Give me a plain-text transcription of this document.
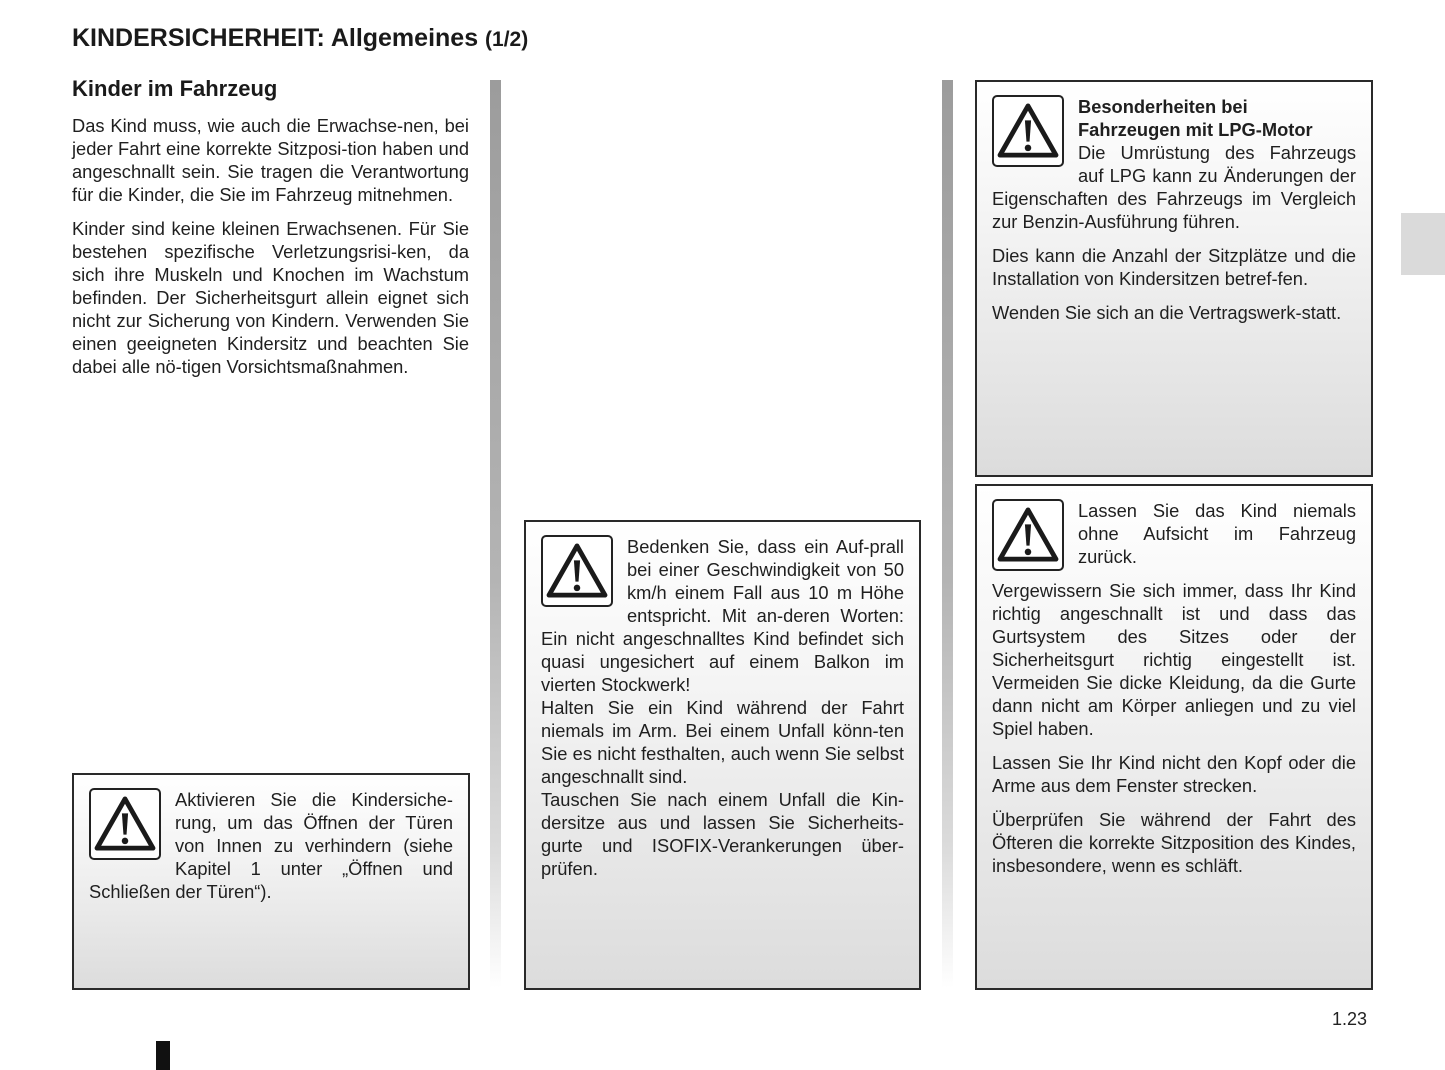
KINDERSICHERHEIT: Allgemeines (1/2)
Kinder im Fahrzeug

Das Kind muss, wie auch die Erwachse-nen, bei jeder Fahrt eine korrekte Sitzposi-tion haben und angeschnallt sein. Sie tragen die Verantwortung für die Kinder, die Sie im Fahrzeug mitnehmen.

Kinder sind keine kleinen Erwachsenen. Für Sie bestehen spezifische Verletzungsrisi-ken, da sich ihre Muskeln und Knochen im Wachstum befinden. Der Sicherheitsgurt allein eignet sich nicht zur Sicherung von Kindern. Verwenden Sie einen geeigneten Kindersitz und beachten Sie dabei alle nö-tigen Vorsichtsmaßnahmen.

Aktivieren Sie die Kindersiche-rung, um das Öffnen der Türen von Innen zu verhindern (siehe Kapitel 1 unter „Öffnen und Schließen der Türen“).

Bedenken Sie, dass ein Auf-prall bei einer Geschwindigkeit von 50 km/h einem Fall aus 10 m Höhe entspricht. Mit an-deren Worten: Ein nicht angeschnalltes Kind befindet sich quasi ungesichert auf einem Balkon im vierten Stockwerk!
Halten Sie ein Kind während der Fahrt niemals im Arm. Bei einem Unfall könn-ten Sie es nicht festhalten, auch wenn Sie selbst angeschnallt sind.
Tauschen Sie nach einem Unfall die Kin-dersitze aus und lassen Sie Sicherheits-gurte und ISOFIX-Verankerungen über-prüfen.

Besonderheiten bei
Fahrzeugen mit LPG-Motor

Die Umrüstung des Fahrzeugs auf LPG kann zu Änderungen der Eigenschaften des Fahrzeugs im Vergleich zur Benzin-Ausführung führen.

Dies kann die Anzahl der Sitzplätze und die Installation von Kindersitzen betref-fen.

Wenden Sie sich an die Vertragswerk-statt.

Lassen Sie das Kind niemals ohne Aufsicht im Fahrzeug zurück.

Vergewissern Sie sich immer, dass Ihr Kind richtig angeschnallt ist und dass das Gurtsystem des Sitzes oder der Sicherheitsgurt richtig eingestellt ist. Vermeiden Sie dicke Kleidung, da die Gurte dann nicht am Körper anliegen und zu viel Spiel haben.

Lassen Sie Ihr Kind nicht den Kopf oder die Arme aus dem Fenster strecken.

Überprüfen Sie während der Fahrt des Öfteren die korrekte Sitzposition des Kindes, insbesondere, wenn es schläft.

1.23
